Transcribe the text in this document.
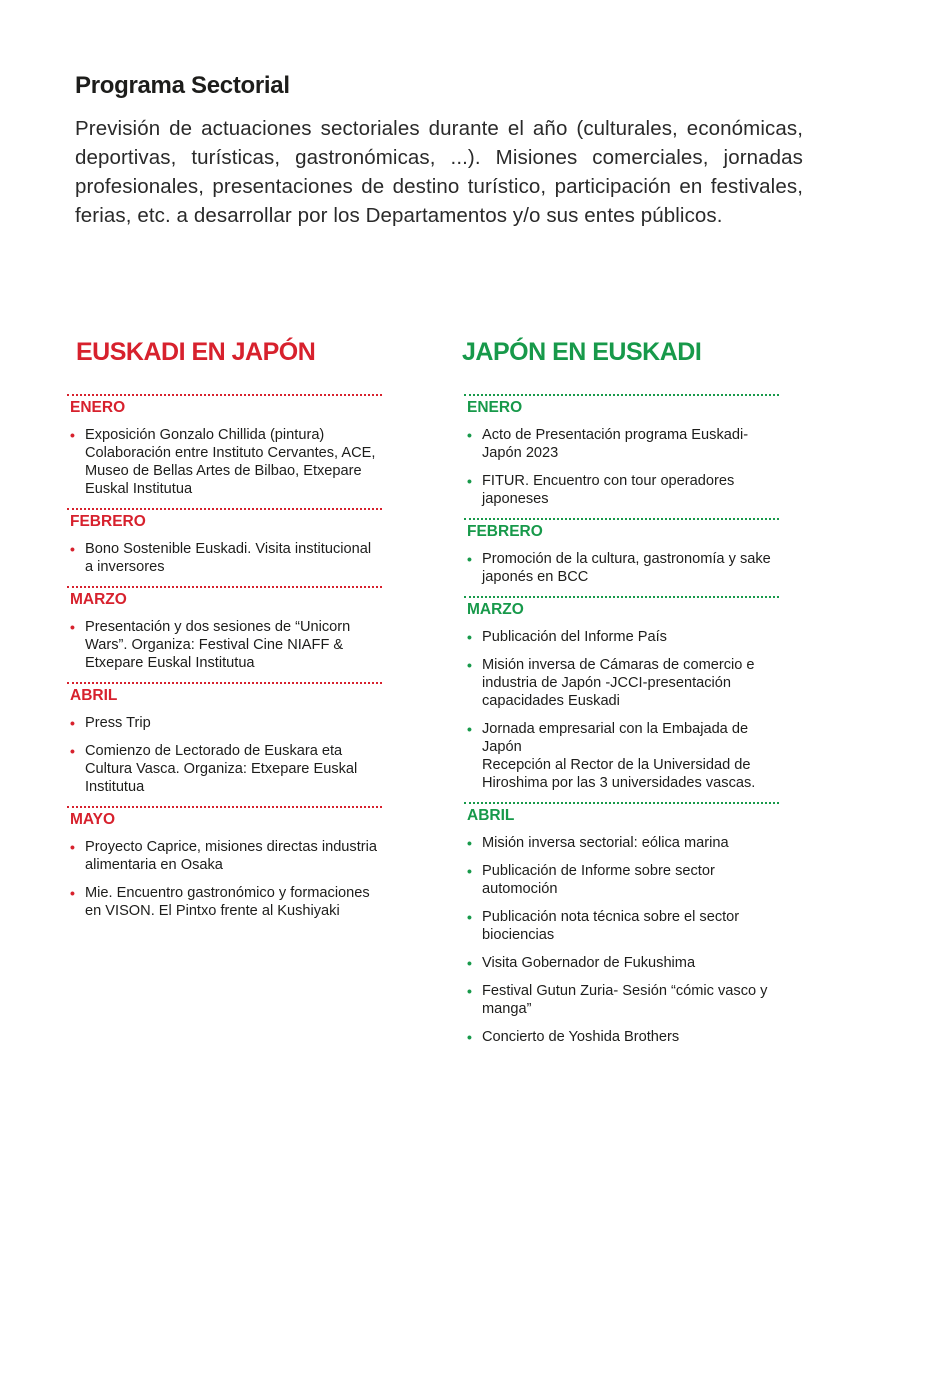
Programa Sectorial

Previsión de actuaciones sectoriales durante el año (culturales, económicas, deportivas, turísticas, gastronómicas, ...). Misiones comerciales, jornadas profesionales, presentaciones de destino turístico, participación en festivales, ferias, etc. a desarrollar por los Departamentos y/o sus entes públicos.

EUSKADI EN JAPÓN
ENERO
• Exposición Gonzalo Chillida (pintura)
Colaboración entre Instituto Cervantes, ACE, Museo de Bellas Artes de Bilbao, Etxepare Euskal Institutua
FEBRERO
• Bono Sostenible Euskadi. Visita institucional a inversores
MARZO
• Presentación y dos sesiones de “Unicorn Wars”. Organiza: Festival Cine NIAFF & Etxepare Euskal Institutua
ABRIL
• Press Trip
• Comienzo de Lectorado de Euskara eta Cultura Vasca. Organiza: Etxepare Euskal Institutua
MAYO
• Proyecto Caprice, misiones directas industria alimentaria en Osaka
• Mie. Encuentro gastronómico y formaciones en VISON. El Pintxo frente al Kushiyaki
JAPÓN EN EUSKADI
ENERO
• Acto de Presentación programa Euskadi-Japón 2023
• FITUR. Encuentro con tour operadores japoneses
FEBRERO
• Promoción de la cultura, gastronomía y sake japonés en BCC
MARZO
• Publicación del Informe País
• Misión inversa de Cámaras de comercio e industria de Japón -JCCI-presentación capacidades Euskadi
• Jornada empresarial con la Embajada de Japón
Recepción al Rector de la Universidad de Hiroshima por las 3 universidades vascas.
ABRIL
• Misión inversa sectorial: eólica marina
• Publicación de Informe sobre sector automoción
• Publicación nota técnica sobre el sector biociencias
• Visita Gobernador de Fukushima
• Festival Gutun Zuria- Sesión “cómic vasco y manga”
• Concierto de Yoshida Brothers
